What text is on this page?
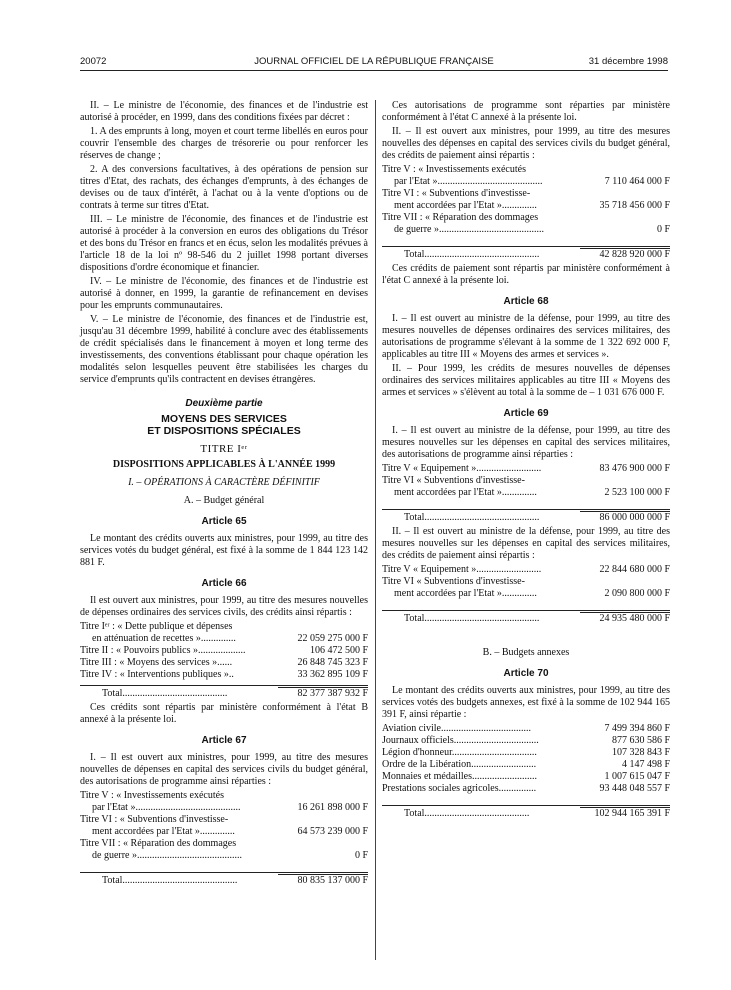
20072	JOURNAL OFFICIEL DE LA RÉPUBLIQUE FRANÇAISE	31 décembre 1998

II. – Le ministre de l'économie, des finances et de l'industrie est autorisé à procéder, en 1999, dans des conditions fixées par décret :

1. A des emprunts à long, moyen et court terme libellés en euros pour couvrir l'ensemble des charges de trésorerie ou pour renforcer les réserves de change ;

2. A des conversions facultatives, à des opérations de pension sur titres d'Etat, des rachats, des échanges d'emprunts, à des échanges de devises ou de taux d'intérêt, à l'achat ou à la vente d'options ou de contrats à terme sur titres d'Etat.

III. – Le ministre de l'économie, des finances et de l'industrie est autorisé à procéder à la conversion en euros des obligations du Trésor et des bons du Trésor en francs et en écus, selon les modalités prévues à l'article 18 de la loi nº 98-546 du 2 juillet 1998 portant diverses dispositions d'ordre économique et financier.

IV. – Le ministre de l'économie, des finances et de l'industrie est autorisé à donner, en 1999, la garantie de refinancement en devises pour les emprunts communautaires.

V. – Le ministre de l'économie, des finances et de l'industrie est, jusqu'au 31 décembre 1999, habilité à conclure avec des établissements de crédit spécialisés dans le financement à moyen et long terme des investissements, des conventions établissant pour chaque opération les modalités selon lesquelles peuvent être stabilisées les charges du service d'emprunts qu'ils contractent en devises étrangères.

Deuxième partie
MOYENS DES SERVICES
ET DISPOSITIONS SPÉCIALES
TITRE Iᵉʳ
DISPOSITIONS APPLICABLES À L'ANNÉE 1999
I. – OPÉRATIONS À CARACTÈRE DÉFINITIF
A. – Budget général
Article 65

Le montant des crédits ouverts aux ministres, pour 1999, au titre des services votés du budget général, est fixé à la somme de 1 844 123 142 881 F.

Article 66

Il est ouvert aux ministres, pour 1999, au titre des mesures nouvelles de dépenses ordinaires des services civils, des crédits ainsi répartis :

Titre Iᵉʳ : « Dette publique et dépenses
en atténuation de recettes »..............	22 059 275 000 F
Titre II : « Pouvoirs publics »...................	106 472 500 F
Titre III : « Moyens des services »......	26 848 745 323 F
Titre IV : « Interventions publiques »..	33 362 895 109 F
Total..........................................	82 377 387 932 F

Ces crédits sont répartis par ministère conformément à l'état B annexé à la présente loi.

Article 67

I. – Il est ouvert aux ministres, pour 1999, au titre des mesures nouvelles de dépenses en capital des services civils du budget général, des autorisations de programme ainsi réparties :

Titre V : « Investissements exécutés
par l'Etat »..........................................	16 261 898 000 F
Titre VI : « Subventions d'investisse-
ment accordées par l'Etat »..............	64 573 239 000 F
Titre VII : « Réparation des dommages
de guerre »..........................................	0 F
Total..............................................	80 835 137 000 F

Ces autorisations de programme sont réparties par ministère conformément à l'état C annexé à la présente loi.

II. – Il est ouvert aux ministres, pour 1999, au titre des mesures nouvelles des dépenses en capital des services civils du budget général, des crédits de paiement ainsi répartis :

Titre V : « Investissements exécutés
par l'Etat »..........................................	7 110 464 000 F
Titre VI : « Subventions d'investisse-
ment accordées par l'Etat »..............	35 718 456 000 F
Titre VII : « Réparation des dommages
de guerre »..........................................	0 F
Total..............................................	42 828 920 000 F

Ces crédits de paiement sont répartis par ministère conformément à l'état C annexé à la présente loi.

Article 68

I. – Il est ouvert au ministre de la défense, pour 1999, au titre des mesures nouvelles de dépenses ordinaires des services militaires, des autorisations de programme s'élevant à la somme de 1 322 692 000 F, applicables au titre III « Moyens des armes et services ».

II. – Pour 1999, les crédits de mesures nouvelles de dépenses ordinaires des services militaires applicables au titre III « Moyens des armes et services » s'élèvent au total à la somme de – 1 031 676 000 F.

Article 69

I. – Il est ouvert au ministre de la défense, pour 1999, au titre des mesures nouvelles sur les dépenses en capital des services militaires, des autorisations de programme ainsi réparties :

Titre V « Equipement »..........................	83 476 900 000 F
Titre VI « Subventions d'investisse-
ment accordées par l'Etat »..............	2 523 100 000 F
Total..............................................	86 000 000 000 F

II. – Il est ouvert au ministre de la défense, pour 1999, au titre des mesures nouvelles sur les dépenses en capital des services militaires, des crédits de paiement ainsi répartis :

Titre V « Equipement »..........................	22 844 680 000 F
Titre VI « Subventions d'investisse-
ment accordées par l'Etat »..............	2 090 800 000 F
Total..............................................	24 935 480 000 F
B. – Budgets annexes
Article 70

Le montant des crédits ouverts aux ministres, pour 1999, au titre des services votés des budgets annexes, est fixé à la somme de 102 944 165 391 F, ainsi répartie :

Aviation civile....................................	7 499 394 860 F
Journaux officiels..................................	877 630 586 F
Légion d'honneur..................................	107 328 843 F
Ordre de la Libération..........................	4 147 498 F
Monnaies et médailles..........................	1 007 615 047 F
Prestations sociales agricoles...............	93 448 048 557 F
Total..........................................	102 944 165 391 F
